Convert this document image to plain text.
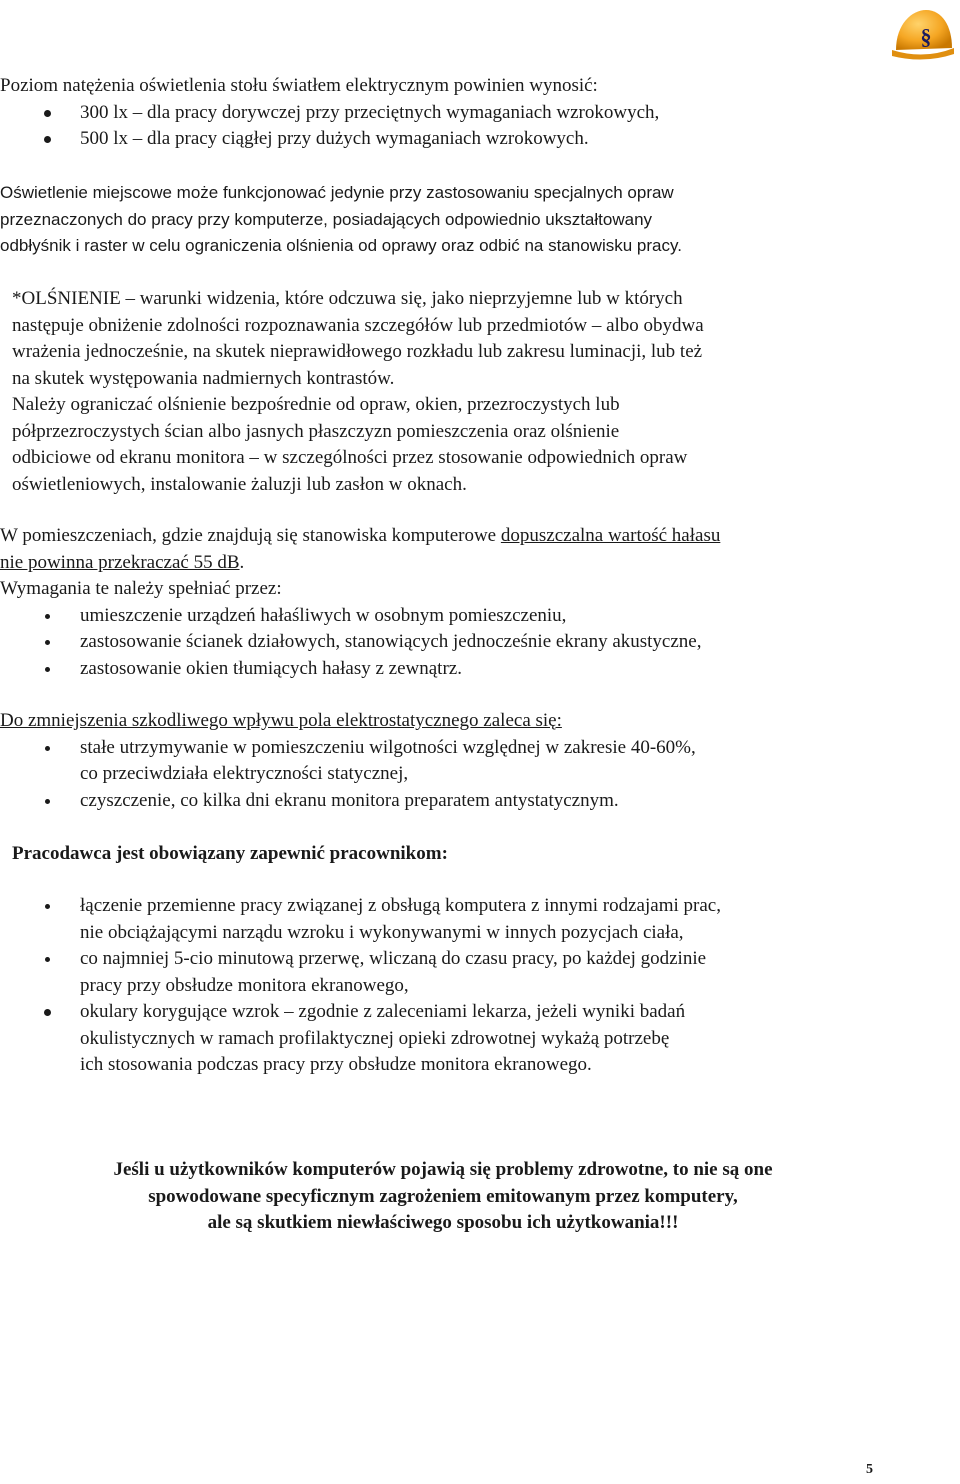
§
Poziom natężenia oświetlenia stołu światłem elektrycznym powinien wynosić:
300 lx – dla pracy dorywczej przy przeciętnych wymaganiach wzrokowych,
500 lx – dla pracy ciągłej przy dużych wymaganiach wzrokowych.
Oświetlenie miejscowe może funkcjonować jedynie przy zastosowaniu specjalnych opraw
przeznaczonych do pracy przy komputerze, posiadających odpowiednio ukształtowany
odbłyśnik i raster w celu ograniczenia olśnienia od oprawy oraz odbić na stanowisku pracy.
*OLŚNIENIE – warunki widzenia, które odczuwa się, jako nieprzyjemne lub w których
następuje obniżenie zdolności rozpoznawania szczegółów lub przedmiotów – albo obydwa
wrażenia jednocześnie, na skutek nieprawidłowego rozkładu lub zakresu luminacji, lub też
na skutek występowania nadmiernych kontrastów.
Należy ograniczać olśnienie bezpośrednie od opraw, okien, przezroczystych lub
półprzezroczystych ścian albo jasnych płaszczyzn pomieszczenia oraz olśnienie
odbiciowe od ekranu monitora – w szczególności przez stosowanie odpowiednich opraw
oświetleniowych, instalowanie żaluzji lub zasłon w oknach.
W pomieszczeniach, gdzie znajdują się stanowiska komputerowe dopuszczalna wartość hałasu
nie powinna przekraczać 55 dB.
Wymagania te należy spełniać przez:
umieszczenie urządzeń hałaśliwych w osobnym pomieszczeniu,
zastosowanie ścianek działowych, stanowiących jednocześnie ekrany akustyczne,
zastosowanie okien tłumiących hałasy z zewnątrz.
Do zmniejszenia szkodliwego wpływu pola elektrostatycznego zaleca się:
stałe utrzymywanie w pomieszczeniu wilgotności względnej w zakresie 40-60%,
co przeciwdziała elektryczności statycznej,
czyszczenie, co kilka dni ekranu monitora preparatem antystatycznym.
Pracodawca jest obowiązany zapewnić pracownikom:
łączenie przemienne pracy związanej z obsługą komputera z innymi rodzajami prac,
nie obciążającymi narządu wzroku i wykonywanymi w innych pozycjach ciała,
co najmniej 5-cio minutową przerwę, wliczaną do czasu pracy, po każdej godzinie
pracy przy obsłudze monitora ekranowego,
okulary korygujące wzrok – zgodnie z zaleceniami lekarza, jeżeli wyniki badań
okulistycznych w ramach profilaktycznej opieki zdrowotnej wykażą potrzebę
ich stosowania podczas pracy przy obsłudze monitora ekranowego.
Jeśli u użytkowników komputerów pojawią się problemy zdrowotne, to nie są one
spowodowane specyficznym zagrożeniem emitowanym przez komputery,
ale są skutkiem niewłaściwego sposobu ich użytkowania!!!
5
